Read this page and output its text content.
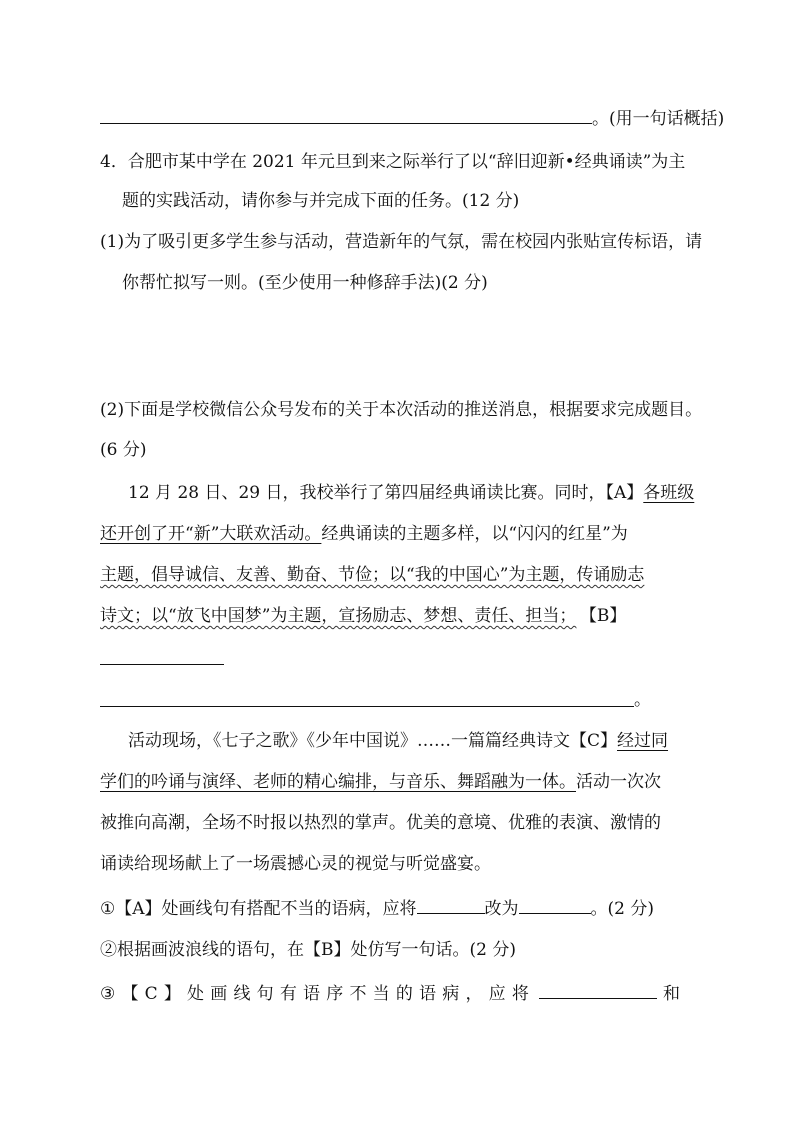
。(用一句话概括)
4．合肥市某中学在 2021 年元旦到来之际举行了以“辞旧迎新•经典诵读”为主
题的实践活动，请你参与并完成下面的任务。(12 分)
(1)为了吸引更多学生参与活动，营造新年的气氛，需在校园内张贴宣传标语，请
你帮忙拟写一则。(至少使用一种修辞手法)(2 分)
(2)下面是学校微信公众号发布的关于本次活动的推送消息，根据要求完成题目。
(6 分)
12 月 28 日、29 日，我校举行了第四届经典诵读比赛。同时，【A】各班级
还开创了开“新”大联欢活动。经典诵读的主题多样，以“闪闪的红星”为
主题，倡导诚信、友善、勤奋、节俭；以“我的中国心”为主题，传诵励志
诗文；以“放飞中国梦”为主题，宣扬励志、梦想、责任、担当； 【B】
。
活动现场，《七子之歌》《少年中国说》……一篇篇经典诗文【C】经过同
学们的吟诵与演绎、老师的精心编排，与音乐、舞蹈融为一体。活动一次次
被推向高潮，全场不时报以热烈的掌声。优美的意境、优雅的表演、激情的
诵读给现场献上了一场震撼心灵的视觉与听觉盛宴。
①【A】处画线句有搭配不当的语病，应将	改为	。(2 分)
②根据画波浪线的语句，在【B】处仿写一句话。(2 分)
③【C】处画线句有语序不当的语病，应将	和
